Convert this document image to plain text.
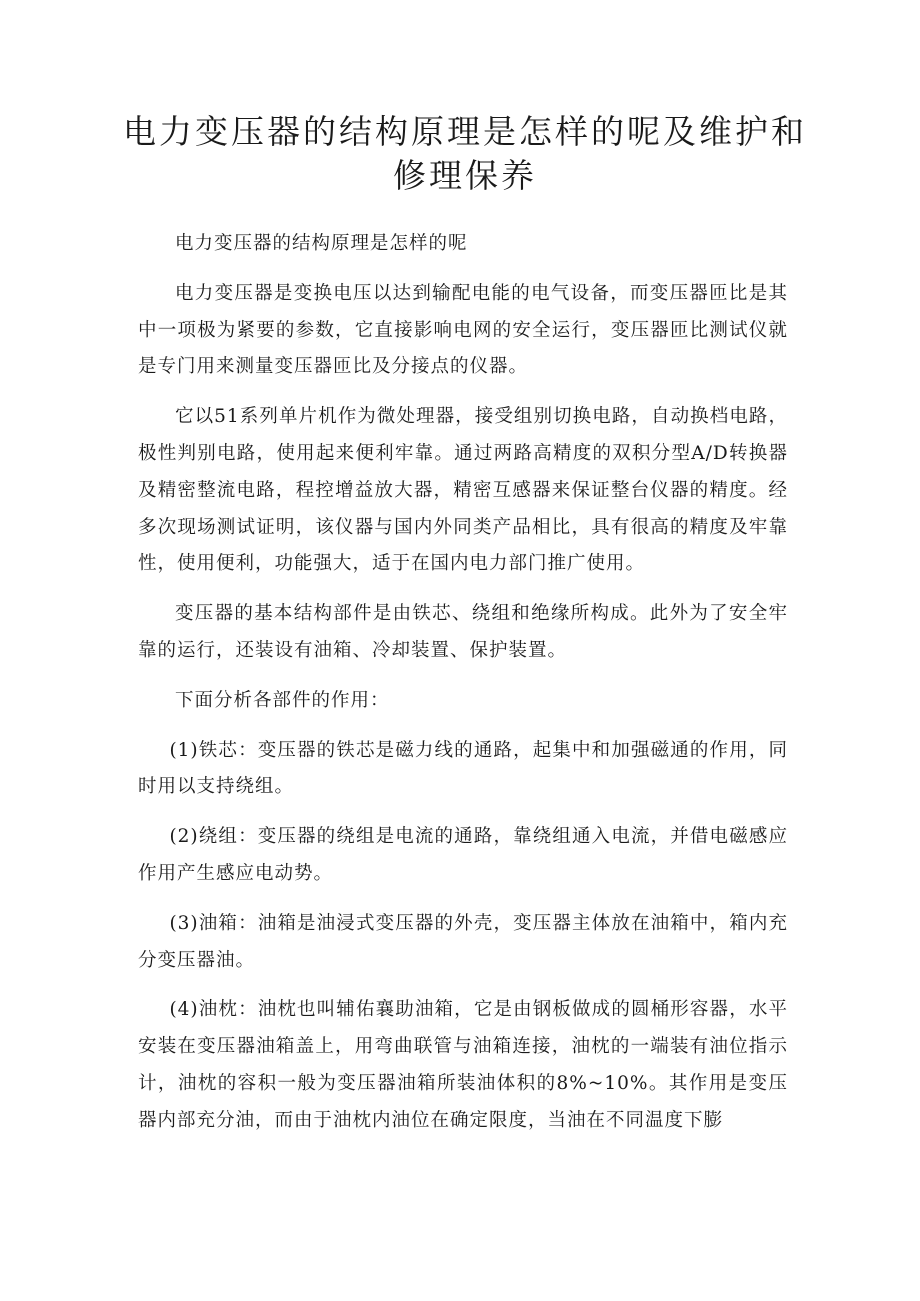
电力变压器的结构原理是怎样的呢及维护和
修理保养

电力变压器的结构原理是怎样的呢

电力变压器是变换电压以达到输配电能的电气设备，而变压器匝比是其中一项极为紧要的参数，它直接影响电网的安全运行，变压器匝比测试仪就是专门用来测量变压器匝比及分接点的仪器。

它以51系列单片机作为微处理器，接受组别切换电路，自动换档电路，极性判别电路，使用起来便利牢靠。通过两路高精度的双积分型A/D转换器及精密整流电路，程控增益放大器，精密互感器来保证整台仪器的精度。经多次现场测试证明，该仪器与国内外同类产品相比，具有很高的精度及牢靠性，使用便利，功能强大，适于在国内电力部门推广使用。

变压器的基本结构部件是由铁芯、绕组和绝缘所构成。此外为了安全牢靠的运行，还装设有油箱、冷却装置、保护装置。

下面分析各部件的作用：

(1)铁芯：变压器的铁芯是磁力线的通路，起集中和加强磁通的作用，同时用以支持绕组。

(2)绕组：变压器的绕组是电流的通路，靠绕组通入电流，并借电磁感应作用产生感应电动势。

(3)油箱：油箱是油浸式变压器的外壳，变压器主体放在油箱中，箱内充分变压器油。

(4)油枕：油枕也叫辅佑襄助油箱，它是由钢板做成的圆桶形容器，水平安装在变压器油箱盖上，用弯曲联管与油箱连接，油枕的一端装有油位指示计，油枕的容积一般为变压器油箱所装油体积的8%~10%。其作用是变压器内部充分油，而由于油枕内油位在确定限度，当油在不同温度下膨
